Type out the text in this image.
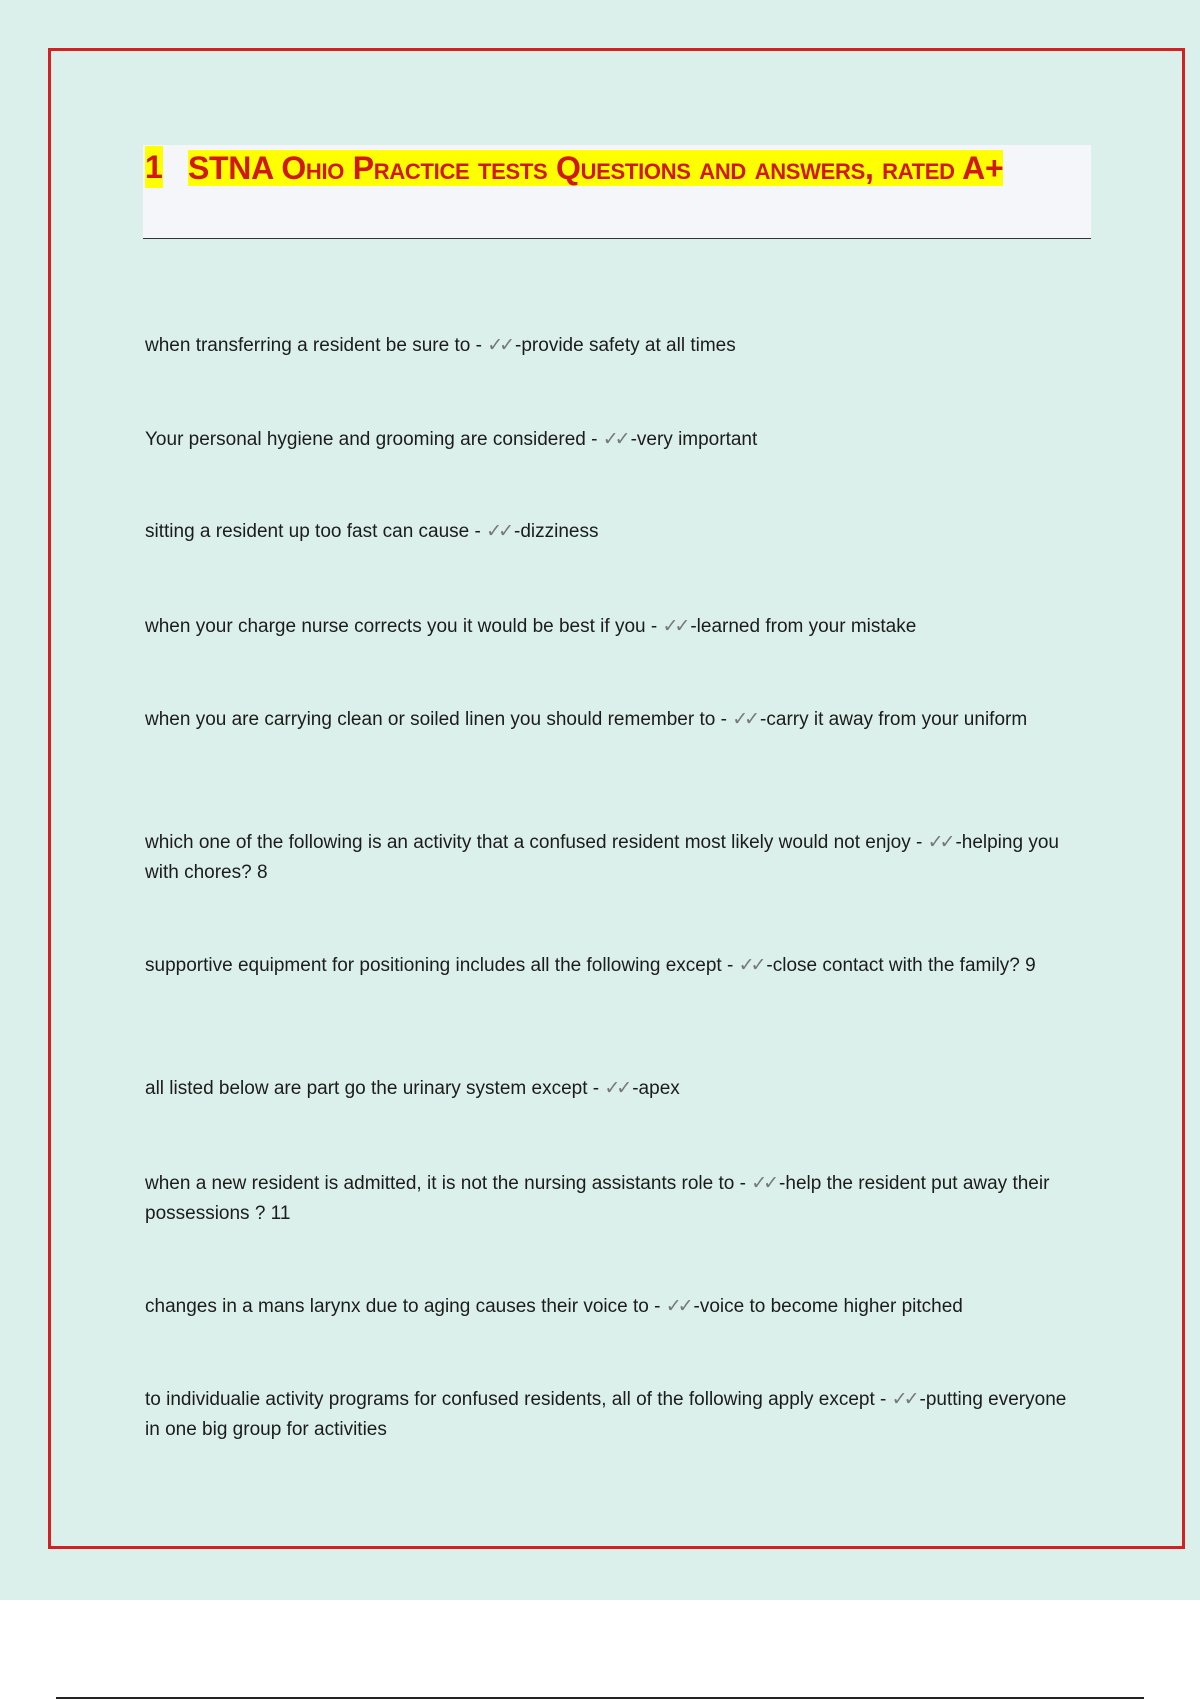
1 STNA Ohio Practice tests Questions and answers, rated A+
when transferring a resident be sure to - ✓✓ -provide safety at all times
Your personal hygiene and grooming are considered - ✓✓ -very important
sitting a resident up too fast can cause - ✓✓ -dizziness
when your charge nurse corrects you it would be best if you - ✓✓ -learned from your mistake
when you are carrying clean or soiled linen you should remember to - ✓✓ -carry it away from your uniform
which one of the following is an activity that a confused resident most likely would not enjoy - ✓✓ -helping you with chores? 8
supportive equipment for positioning includes all the following except - ✓✓ -close contact with the family? 9
all listed below are part go the urinary system except - ✓✓ -apex
when a new resident is admitted, it is not the nursing assistants role to - ✓✓ -help the resident put away their possessions ? 11
changes in a mans larynx due to aging causes their voice to - ✓✓ -voice to become higher pitched
to individualie activity programs for confused residents, all of the following apply except - ✓✓ -putting everyone in one big group for activities
